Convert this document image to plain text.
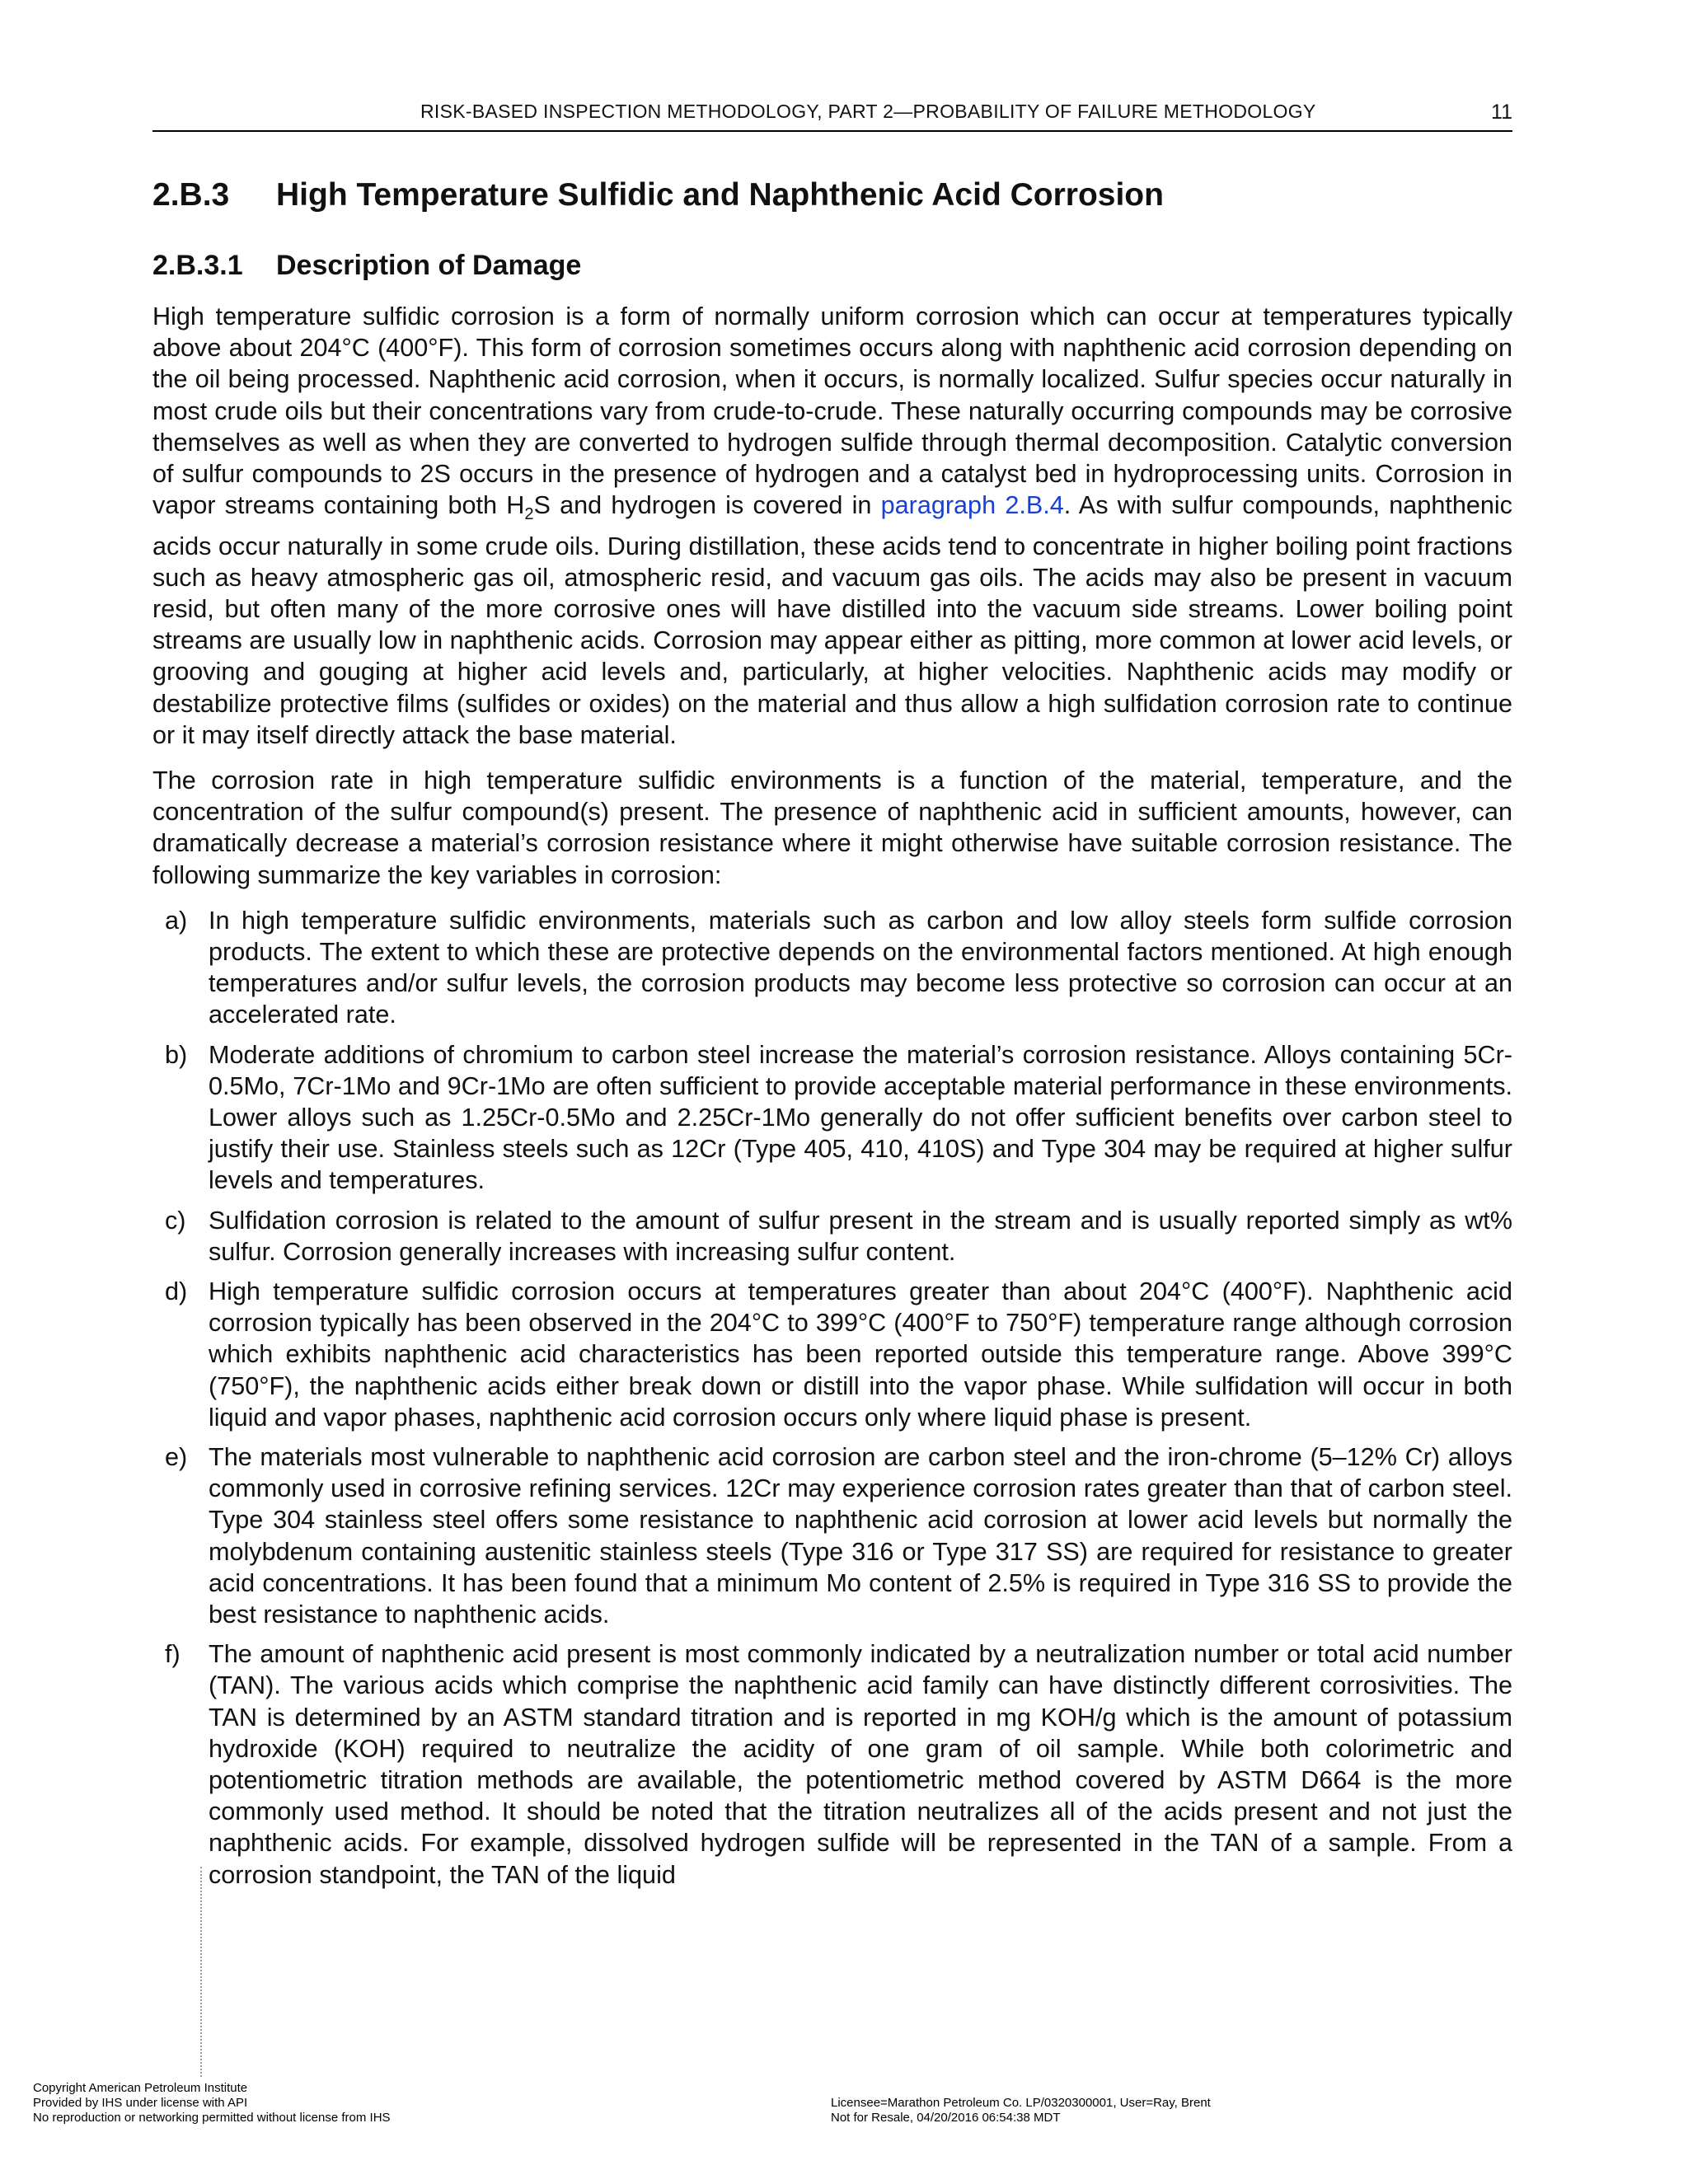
RISK-BASED INSPECTION METHODOLOGY, PART 2—PROBABILITY OF FAILURE METHODOLOGY	11
2.B.3 High Temperature Sulfidic and Naphthenic Acid Corrosion
2.B.3.1 Description of Damage

High temperature sulfidic corrosion is a form of normally uniform corrosion which can occur at temperatures typically above about 204°C (400°F). This form of corrosion sometimes occurs along with naphthenic acid corrosion depending on the oil being processed. Naphthenic acid corrosion, when it occurs, is normally localized. Sulfur species occur naturally in most crude oils but their concentrations vary from crude-to-crude. These naturally occurring compounds may be corrosive themselves as well as when they are converted to hydrogen sulfide through thermal decomposition. Catalytic conversion of sulfur compounds to 2S occurs in the presence of hydrogen and a catalyst bed in hydroprocessing units. Corrosion in vapor streams containing both $H_2S$ and hydrogen is covered in paragraph 2.B.4. As with sulfur compounds, naphthenic acids occur naturally in some crude oils. During distillation, these acids tend to concentrate in higher boiling point fractions such as heavy atmospheric gas oil, atmospheric resid, and vacuum gas oils. The acids may also be present in vacuum resid, but often many of the more corrosive ones will have distilled into the vacuum side streams. Lower boiling point streams are usually low in naphthenic acids. Corrosion may appear either as pitting, more common at lower acid levels, or grooving and gouging at higher acid levels and, particularly, at higher velocities. Naphthenic acids may modify or destabilize protective films (sulfides or oxides) on the material and thus allow a high sulfidation corrosion rate to continue or it may itself directly attack the base material.

The corrosion rate in high temperature sulfidic environments is a function of the material, temperature, and the concentration of the sulfur compound(s) present. The presence of naphthenic acid in sufficient amounts, however, can dramatically decrease a material’s corrosion resistance where it might otherwise have suitable corrosion resistance. The following summarize the key variables in corrosion:

a) In high temperature sulfidic environments, materials such as carbon and low alloy steels form sulfide corrosion products. The extent to which these are protective depends on the environmental factors mentioned. At high enough temperatures and/or sulfur levels, the corrosion products may become less protective so corrosion can occur at an accelerated rate.
b) Moderate additions of chromium to carbon steel increase the material’s corrosion resistance. Alloys containing 5Cr-0.5Mo, 7Cr-1Mo and 9Cr-1Mo are often sufficient to provide acceptable material performance in these environments. Lower alloys such as 1.25Cr-0.5Mo and 2.25Cr-1Mo generally do not offer sufficient benefits over carbon steel to justify their use. Stainless steels such as 12Cr (Type 405, 410, 410S) and Type 304 may be required at higher sulfur levels and temperatures.
c) Sulfidation corrosion is related to the amount of sulfur present in the stream and is usually reported simply as wt% sulfur. Corrosion generally increases with increasing sulfur content.
d) High temperature sulfidic corrosion occurs at temperatures greater than about 204°C (400°F). Naphthenic acid corrosion typically has been observed in the 204°C to 399°C (400°F to 750°F) temperature range although corrosion which exhibits naphthenic acid characteristics has been reported outside this temperature range. Above 399°C (750°F), the naphthenic acids either break down or distill into the vapor phase. While sulfidation will occur in both liquid and vapor phases, naphthenic acid corrosion occurs only where liquid phase is present.
e) The materials most vulnerable to naphthenic acid corrosion are carbon steel and the iron-chrome (5–12% Cr) alloys commonly used in corrosive refining services. 12Cr may experience corrosion rates greater than that of carbon steel. Type 304 stainless steel offers some resistance to naphthenic acid corrosion at lower acid levels but normally the molybdenum containing austenitic stainless steels (Type 316 or Type 317 SS) are required for resistance to greater acid concentrations. It has been found that a minimum Mo content of 2.5% is required in Type 316 SS to provide the best resistance to naphthenic acids.
f) The amount of naphthenic acid present is most commonly indicated by a neutralization number or total acid number (TAN). The various acids which comprise the naphthenic acid family can have distinctly different corrosivities. The TAN is determined by an ASTM standard titration and is reported in mg KOH/g which is the amount of potassium hydroxide (KOH) required to neutralize the acidity of one gram of oil sample. While both colorimetric and potentiometric titration methods are available, the potentiometric method covered by ASTM D664 is the more commonly used method. It should be noted that the titration neutralizes all of the acids present and not just the naphthenic acids. For example, dissolved hydrogen sulfide will be represented in the TAN of a sample. From a corrosion standpoint, the TAN of the liquid
Copyright American Petroleum Institute
Provided by IHS under license with API
No reproduction or networking permitted without license from IHS
Licensee=Marathon Petroleum Co. LP/0320300001, User=Ray, Brent
Not for Resale, 04/20/2016 06:54:38 MDT
